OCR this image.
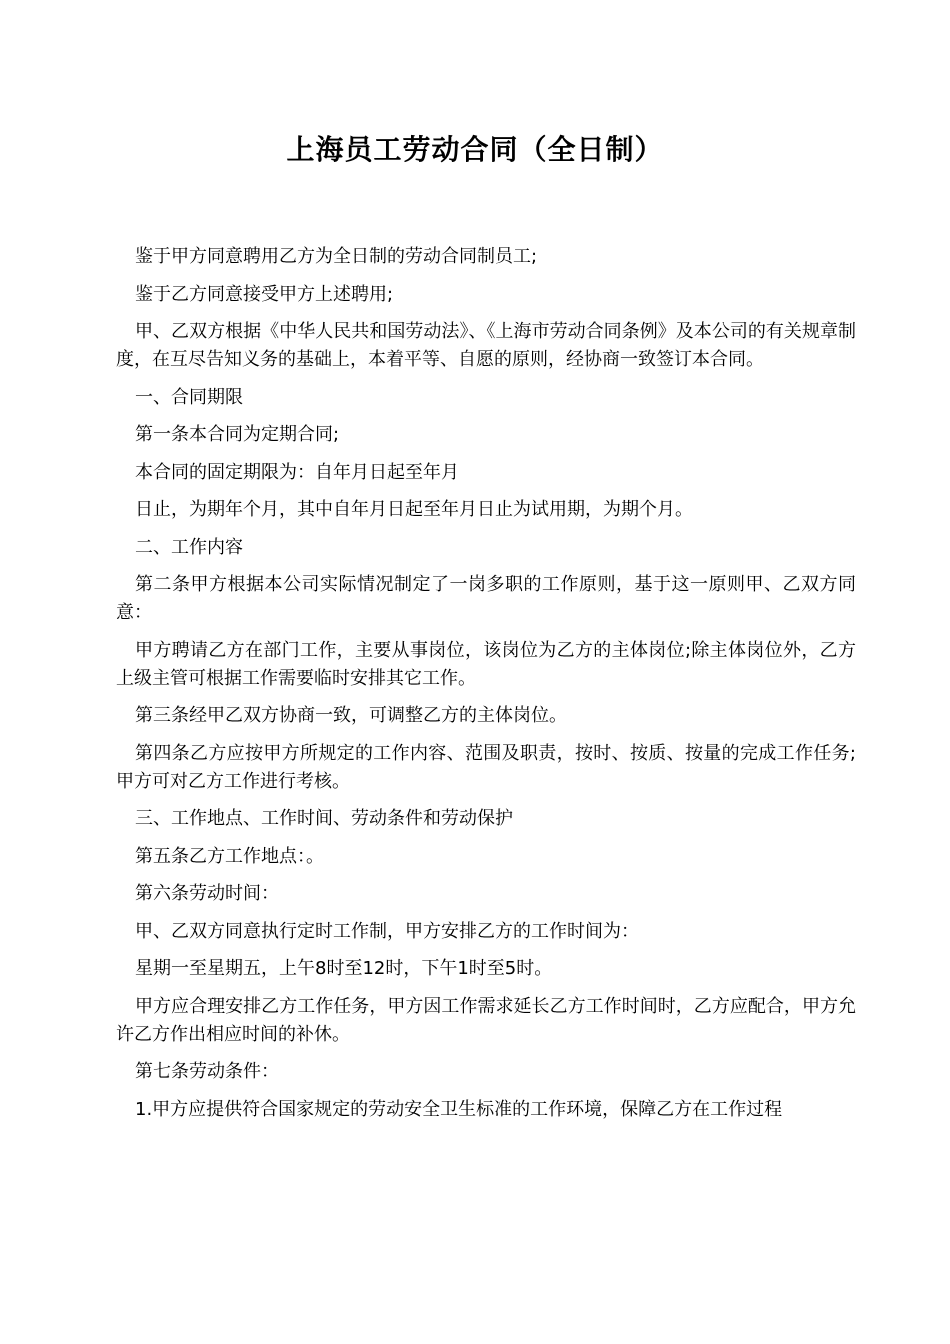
上海员工劳动合同（全日制）

鉴于甲方同意聘用乙方为全日制的劳动合同制员工;

鉴于乙方同意接受甲方上述聘用;

甲、乙双方根据《中华人民共和国劳动法》、《上海市劳动合同条例》及本公司的有关规章制度，在互尽告知义务的基础上，本着平等、自愿的原则，经协商一致签订本合同。

一、合同期限

第一条本合同为定期合同;

本合同的固定期限为：自年月日起至年月

日止，为期年个月，其中自年月日起至年月日止为试用期，为期个月。

二、工作内容

第二条甲方根据本公司实际情况制定了一岗多职的工作原则，基于这一原则甲、乙双方同意：

甲方聘请乙方在部门工作，主要从事岗位，该岗位为乙方的主体岗位;除主体岗位外，乙方上级主管可根据工作需要临时安排其它工作。

第三条经甲乙双方协商一致，可调整乙方的主体岗位。

第四条乙方应按甲方所规定的工作内容、范围及职责，按时、按质、按量的完成工作任务;甲方可对乙方工作进行考核。

三、工作地点、工作时间、劳动条件和劳动保护

第五条乙方工作地点：。

第六条劳动时间：

甲、乙双方同意执行定时工作制，甲方安排乙方的工作时间为：

星期一至星期五，上午8时至12时，下午1时至5时。

甲方应合理安排乙方工作任务，甲方因工作需求延长乙方工作时间时，乙方应配合，甲方允许乙方作出相应时间的补休。

第七条劳动条件：

1.甲方应提供符合国家规定的劳动安全卫生标准的工作环境，保障乙方在工作过程
